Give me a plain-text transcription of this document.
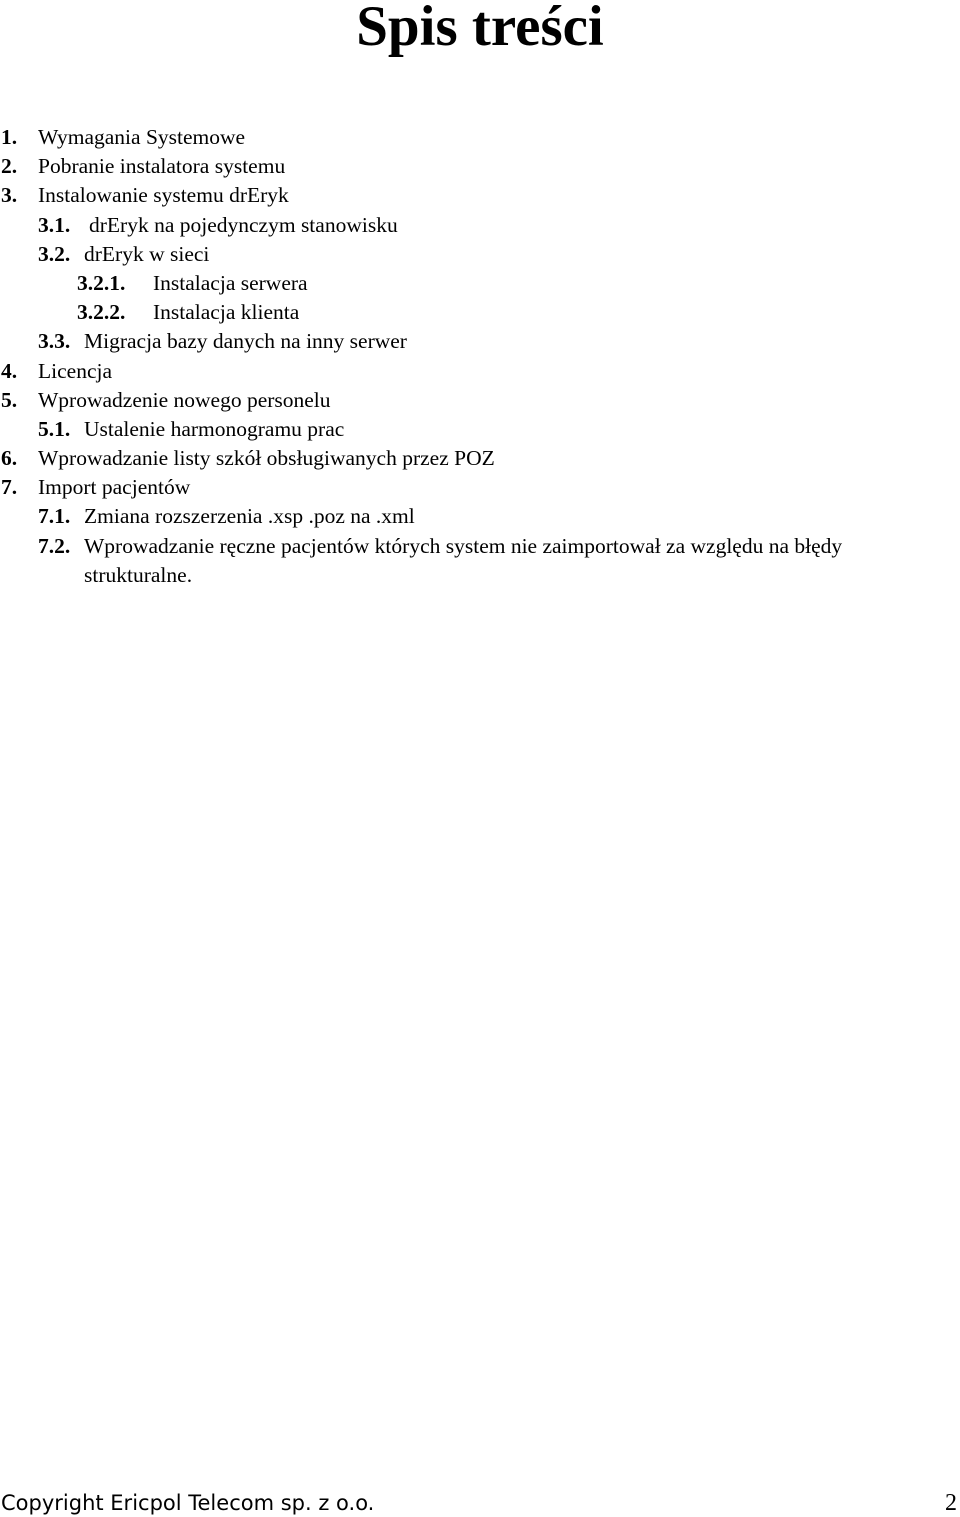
Spis treści
1. Wymagania Systemowe
2. Pobranie instalatora systemu
3. Instalowanie systemu drEryk
3.1. drEryk na pojedynczym stanowisku
3.2. drEryk w sieci
3.2.1. Instalacja serwera
3.2.2. Instalacja klienta
3.3. Migracja bazy danych na inny serwer
4. Licencja
5. Wprowadzenie nowego personelu
5.1. Ustalenie harmonogramu prac
6. Wprowadzanie listy szkół obsługiwanych przez POZ
7. Import pacjentów
7.1. Zmiana rozszerzenia .xsp .poz na .xml
7.2. Wprowadzanie ręczne pacjentów których system nie zaimportował za względu na błędy strukturalne.
Copyright Ericpol Telecom sp. z o.o.	2
